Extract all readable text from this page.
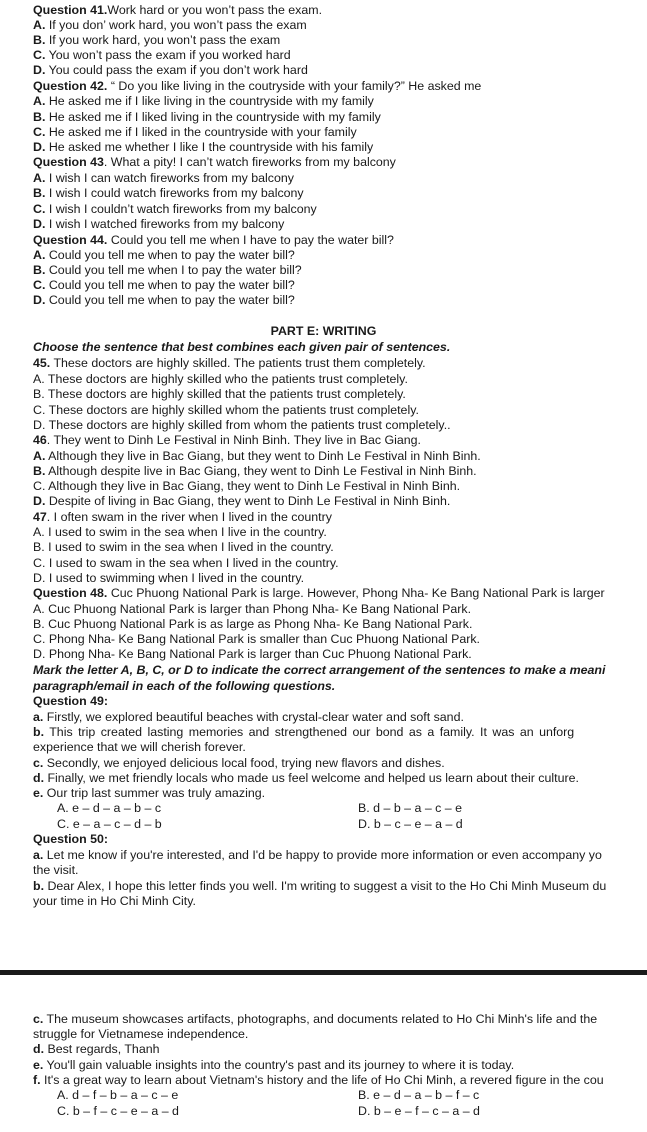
Question 41.Work hard or you won’t pass the exam.
A. If you don’ work hard, you won’t pass the exam
B. If you work hard, you won’t pass the exam
C. You won’t pass the exam if you worked hard
D. You could pass the exam if you don’t work hard
Question 42. “ Do you like living in the coutryside with your family?” He asked me
A. He asked me if I like living in the countryside with my family
B. He asked me if I liked living in the countryside with my family
C. He asked me if I liked in the countryside with your family
D. He asked me whether I like I the countryside with his family
Question 43. What a pity! I can’t watch fireworks from my balcony
A. I wish I can watch fireworks from my balcony
B. I wish I could watch fireworks from my balcony
C. I wish I couldn’t watch fireworks from my balcony
D. I wish I watched fireworks from my balcony
Question 44. Could you tell me when I have to pay the water bill?
A. Could you tell me when to pay the water bill?
B. Could you tell me when I to pay the water bill?
C. Could you tell me when to pay the water bill?
D. Could you tell me when to pay the water bill?
PART E: WRITING
Choose the sentence that best combines each given pair of sentences.
45. These doctors are highly skilled. The patients trust them completely.
A. These doctors are highly skilled who the patients trust completely.
B. These doctors are highly skilled that the patients trust completely.
C. These doctors are highly skilled whom the patients trust completely.
D. These doctors are highly skilled from whom the patients trust completely..
46. They went to Dinh Le Festival in Ninh Binh. They live in Bac Giang.
A. Although they live in Bac Giang, but they went to Dinh Le Festival in Ninh Binh.
B. Although despite live in Bac Giang, they went to Dinh Le Festival in Ninh Binh.
C. Although they live in Bac Giang, they went to Dinh Le Festival in Ninh Binh.
D. Despite of living in Bac Giang, they went to Dinh Le Festival in Ninh Binh.
47. I often swam in the river when I lived in the country
A. I used to swim in the sea when I live in the country.
B. I used to swim in the sea when I lived in the country.
C. I used to swam in the sea when I lived in the country.
D. I used to swimming when I lived in the country.
Question 48. Cuc Phuong National Park is large. However, Phong Nha- Ke Bang National Park is larger
A. Cuc Phuong National Park is larger than Phong Nha- Ke Bang National Park.
B. Cuc Phuong National Park is as large as Phong Nha- Ke Bang National Park.
C. Phong Nha- Ke Bang National Park is smaller than Cuc Phuong National Park.
D. Phong Nha- Ke Bang National Park is larger than Cuc Phuong National Park.
Mark the letter A, B, C, or D to indicate the correct arrangement of the sentences to make a meani
paragraph/email in each of the following questions.
Question 49:
a. Firstly, we explored beautiful beaches with crystal-clear water and soft sand.
b. This trip created lasting memories and strengthened our bond as a family. It was an unforg
experience that we will cherish forever.
c. Secondly, we enjoyed delicious local food, trying new flavors and dishes.
d. Finally, we met friendly locals who made us feel welcome and helped us learn about their culture.
e. Our trip last summer was truly amazing.
A. e – d – a – b – c	B. d – b – a – c – e
C. e – a – c – d – b	D. b – c – e – a – d
Question 50:
a. Let me know if you're interested, and I'd be happy to provide more information or even accompany yo
the visit.
b. Dear Alex, I hope this letter finds you well. I'm writing to suggest a visit to the Ho Chi Minh Museum du
your time in Ho Chi Minh City.
c. The museum showcases artifacts, photographs, and documents related to Ho Chi Minh's life and the
struggle for Vietnamese independence.
d. Best regards, Thanh
e. You'll gain valuable insights into the country's past and its journey to where it is today.
f. It's a great way to learn about Vietnam's history and the life of Ho Chi Minh, a revered figure in the cou
A. d – f – b – a – c – e	B. e – d – a – b – f – c
C. b – f – c – e – a – d	D. b – e – f – c – a – d
